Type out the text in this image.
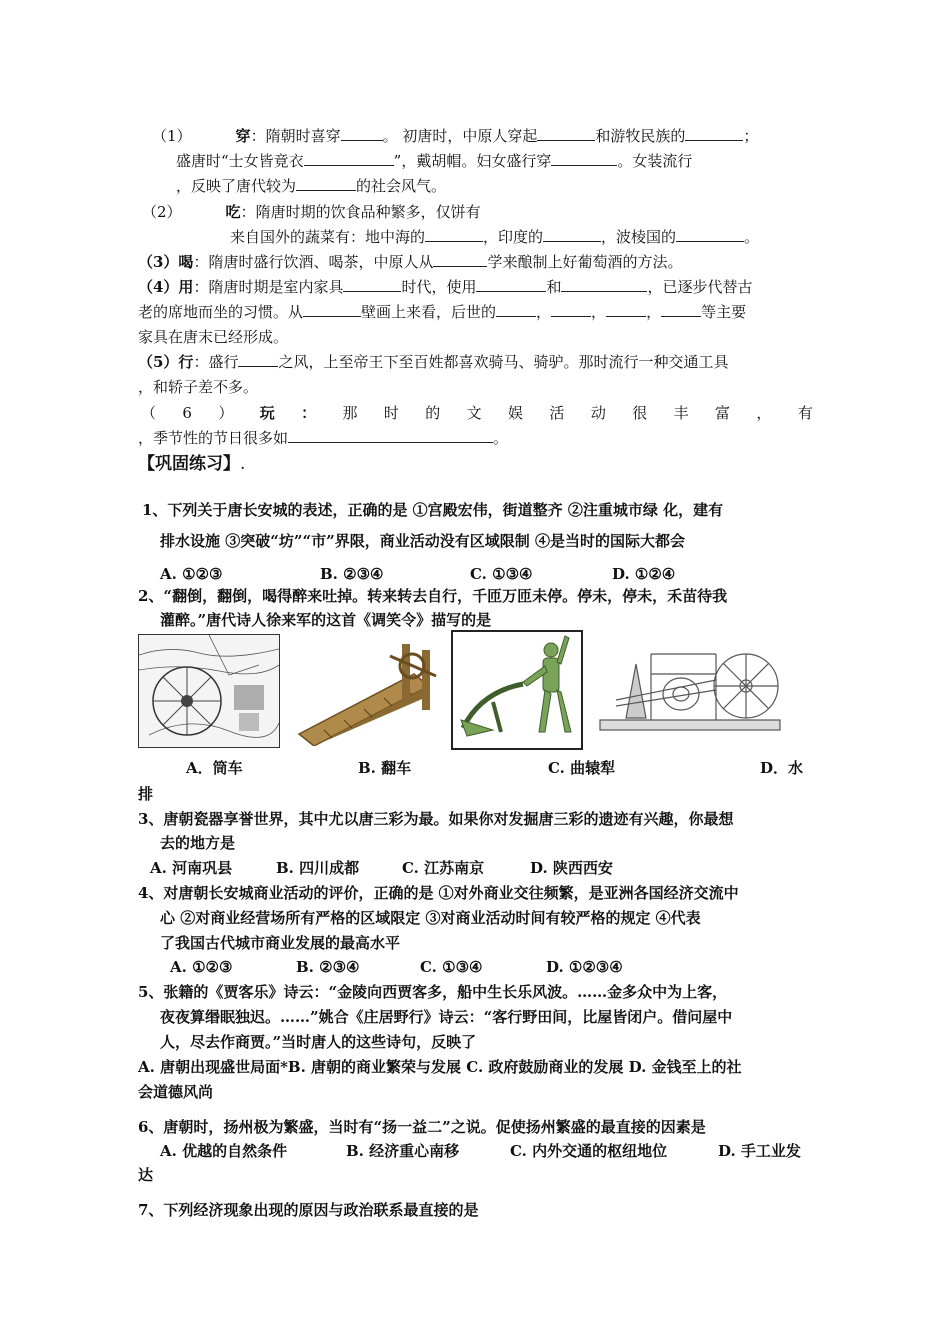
（1）	穿：隋朝时喜穿	。 初唐时，中原人穿起	和游牧民族的	；
盛唐时“士女皆竟衣	”，戴胡帽。妇女盛行穿	。女装流行
，反映了唐代较为	的社会风气。
（2）	吃：隋唐时期的饮食品种繁多，仅饼有
来自国外的蔬菜有：地中海的	，印度的	，波棱国的	。
（3）喝：隋唐时盛行饮酒、喝茶，中原人从	学来酿制上好葡萄酒的方法。
（4）用：隋唐时期是室内家具	时代，使用	和	，已逐步代替古
老的席地而坐的习惯。从	壁画上来看，后世的	，	，	，	等主要
家具在唐末已经形成。
（5）行：盛行	之风，上至帝王下至百姓都喜欢骑马、骑驴。那时流行一种交通工具
，和轿子差不多。
（ 6 ） 玩 ： 那 时 的 文 娱 活 动 很 丰 富 ， 有
，季节性的节日很多如	。
【巩固练习】.
1、下列关于唐长安城的表述，正确的是 ①宫殿宏伟，街道整齐 ②注重城市绿 化，建有
排水设施 ③突破“坊”“市”界限，商业活动没有区域限制 ④是当时的国际大都会
A. ①②③	B. ②③④	C. ①③④	D. ①②④
2、“翻倒，翻倒，喝得醉来吐掉。转来转去自行，千匝万匝未停。停未，停未，禾苗待我
灌醉。”唐代诗人徐来军的这首《调笑令》描写的是
A．筒车	B. 翻车	C. 曲辕犁	D．水
排
3、唐朝瓷器享誉世界，其中尤以唐三彩为最。如果你对发掘唐三彩的遗迹有兴趣，你最想
去的地方是
A. 河南巩县	B. 四川成都	C. 江苏南京	D. 陕西西安
4、对唐朝长安城商业活动的评价，正确的是 ①对外商业交往频繁，是亚洲各国经济交流中
心 ②对商业经营场所有严格的区域限定 ③对商业活动时间有较严格的规定 ④代表
了我国古代城市商业发展的最高水平
A. ①②③	B. ②③④	C. ①③④	D. ①②③④
5、张籍的《贾客乐》诗云：“金陵向西贾客多，船中生长乐风波。……金多众中为上客，
夜夜算缗眠独迟。……”姚合《庄居野行》诗云：“客行野田间，比屋皆闭户。借问屋中
人，尽去作商贾。”当时唐人的这些诗句，反映了
A. 唐朝出现盛世局面*B. 唐朝的商业繁荣与发展 C. 政府鼓励商业的发展 D. 金钱至上的社
会道德风尚
6、唐朝时，扬州极为繁盛，当时有“扬一益二”之说。促使扬州繁盛的最直接的因素是
A. 优越的自然条件	B. 经济重心南移	C. 内外交通的枢纽地位	D. 手工业发
达
7、下列经济现象出现的原因与政治联系最直接的是
